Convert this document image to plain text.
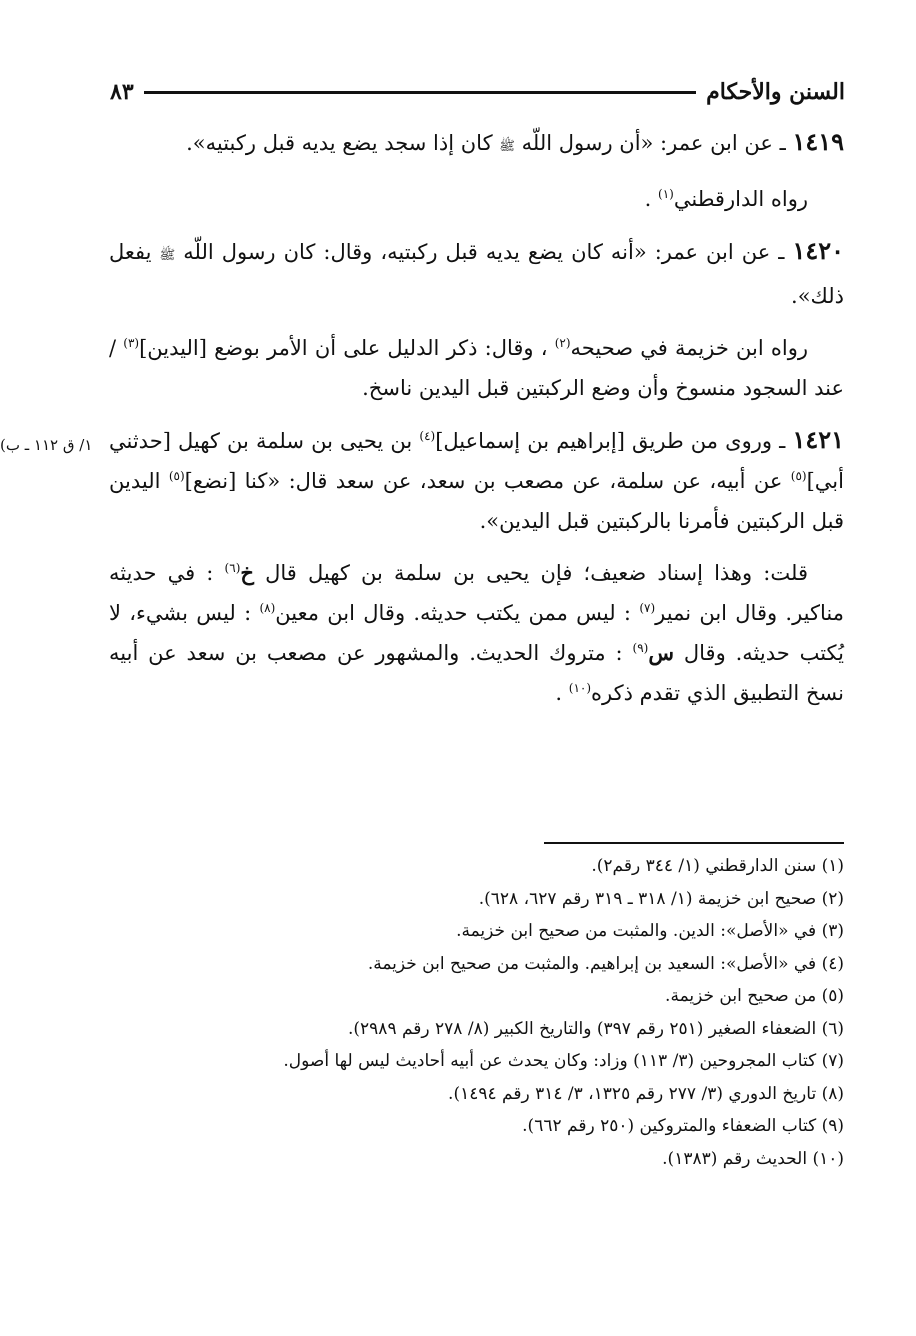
السنن والأحكام
٨٣
(١/ ق ١١٢ ـ ب

١٤١٩ ـ عن ابن عمر: «أن رسول اللّه ﷺ كان إذا سجد يضع يديه قبل ركبتيه».

رواه الدارقطني$^{(١)}$ .

١٤٢٠ ـ عن ابن عمر: «أنه كان يضع يديه قبل ركبتيه، وقال: كان رسول اللّه ﷺ يفعل ذلك».

رواه ابن خزيمة في صحيحه$^{(٢)}$ ، وقال: ذكر الدليل على أن الأمر بوضع [اليدين]$^{(٣)}$ / عند السجود منسوخ وأن وضع الركبتين قبل اليدين ناسخ.

١٤٢١ ـ وروى من طريق [إبراهيم بن إسماعيل]$^{(٤)}$ بن يحيى بن سلمة بن كهيل [حدثني أبي]$^{(٥)}$ عن أبيه، عن سلمة، عن مصعب بن سعد، عن سعد قال: «كنا [نضع]$^{(٥)}$ اليدين قبل الركبتين فأمرنا بالركبتين قبل اليدين».

قلت: وهذا إسناد ضعيف؛ فإن يحيى بن سلمة بن كهيل قال خ$^{(٦)}$ : في حديثه مناكير. وقال ابن نمير$^{(٧)}$ : ليس ممن يكتب حديثه. وقال ابن معين$^{(٨)}$ : ليس بشيء، لا يُكتب حديثه. وقال س$^{(٩)}$ : متروك الحديث. والمشهور عن مصعب بن سعد عن أبيه نسخ التطبيق الذي تقدم ذكره$^{(١٠)}$ .

(١) سنن الدارقطني (١/ ٣٤٤ رقم٢).
(٢) صحيح ابن خزيمة (١/ ٣١٨ ـ ٣١٩ رقم ٦٢٧، ٦٢٨).
(٣) في «الأصل»: الدين. والمثبت من صحيح ابن خزيمة.
(٤) في «الأصل»: السعيد بن إبراهيم. والمثبت من صحيح ابن خزيمة.
(٥) من صحيح ابن خزيمة.
(٦) الضعفاء الصغير (٢٥١ رقم ٣٩٧) والتاريخ الكبير (٨/ ٢٧٨ رقم ٢٩٨٩).
(٧) كتاب المجروحين (٣/ ١١٣) وزاد: وكان يحدث عن أبيه أحاديث ليس لها أصول.
(٨) تاريخ الدوري (٣/ ٢٧٧ رقم ١٣٢٥، ٣/ ٣١٤ رقم ١٤٩٤).
(٩) كتاب الضعفاء والمتروكين (٢٥٠ رقم ٦٦٢).
(١٠) الحديث رقم (١٣٨٣).
